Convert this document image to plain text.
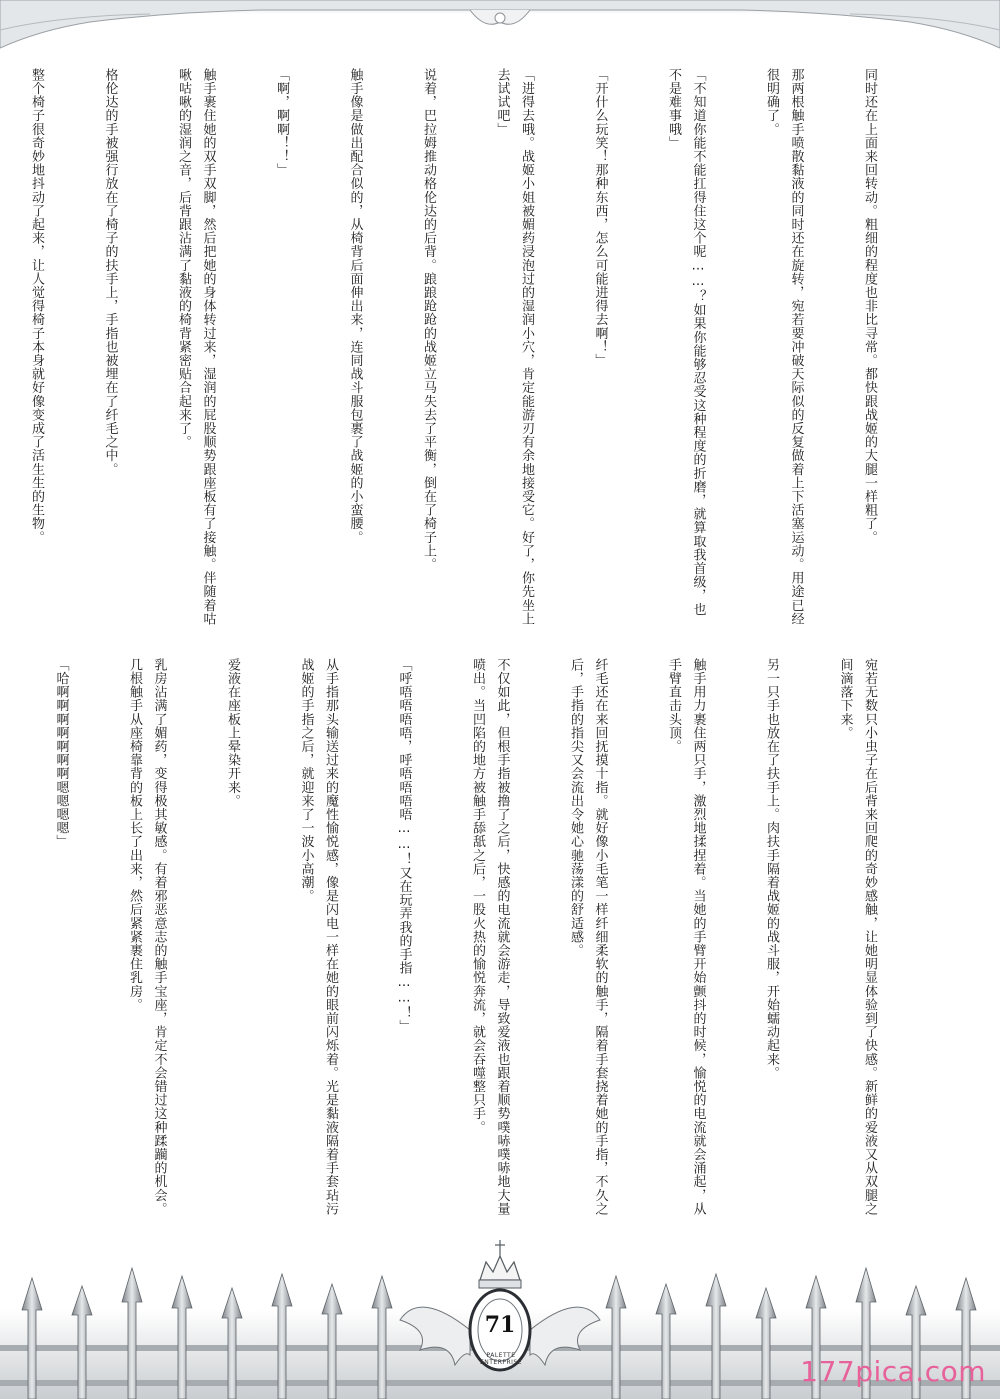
同时还在上面来回转动。粗细的程度也非比寻常。都快跟战姬的大腿一样粗了。

那两根触手喷散黏液的同时还在旋转，宛若要冲破天际似的反复做着上下活塞运动。用途已经很明确了。

「不知道你能不能扛得住这个呢……？如果你能够忍受这种程度的折磨，就算取我首级，也不是难事哦」

「开什么玩笑！那种东西，怎么可能进得去啊！」

「进得去哦。战姬小姐被媚药浸泡过的湿润小穴，肯定能游刃有余地接受它。好了，你先坐上去试试吧」

说着，巴拉姆推动格伦达的后背。踉踉跄跄的战姬立马失去了平衡，倒在了椅子上。

触手像是做出配合似的，从椅背后面伸出来，连同战斗服包裹了战姬的小蛮腰。

「啊，啊啊！！」

触手裹住她的双手双脚，然后把她的身体转过来，湿润的屁股顺势跟座板有了接触。伴随着咕啾咕啾的湿润之音，后背跟沾满了黏液的椅背紧密贴合起来了。

格伦达的手被强行放在了椅子的扶手上，手指也被埋在了纤毛之中。

整个椅子很奇妙地抖动了起来，让人觉得椅子本身就好像变成了活生生的生物。

宛若无数只小虫子在后背来回爬的奇妙感触，让她明显体验到了快感。新鲜的爱液又从双腿之间滴落下来。

另一只手也放在了扶手上。肉扶手隔着战姬的战斗服，开始蠕动起来。

触手用力裹住两只手，激烈地揉捏着。当她的手臂开始颤抖的时候，愉悦的电流就会涌起，从手臂直击头顶。

纤毛还在来回抚摸十指。就好像小毛笔一样纤细柔软的触手，隔着手套挠着她的手指，不久之后，手指的指尖又会流出令她心驰荡漾的舒适感。

不仅如此，但根手指被撸了之后，快感的电流就会游走，导致爱液也跟着顺势噗哧噗哧地大量喷出。当凹陷的地方被触手舔舐之后，一股火热的愉悦奔流，就会吞噬整只手。

「呼唔唔唔唔，呼唔唔唔唔……！又在玩弄我的手指……！」

从手指那头输送过来的魔性愉悦感，像是闪电一样在她的眼前闪烁着。光是黏液隔着手套玷污战姬的手指之后，就迎来了一波小高潮。

爱液在座板上晕染开来。

乳房沾满了媚药，变得极其敏感。有着邪恶意志的触手宝座，肯定不会错过这种蹂躏的机会。几根触手从座椅靠背的板上长了出来，然后紧紧裹住乳房。

「哈啊啊啊啊啊啊啊嗯嗯嗯嗯」

71
PALETTE ENTERPRISE	177pica.com
